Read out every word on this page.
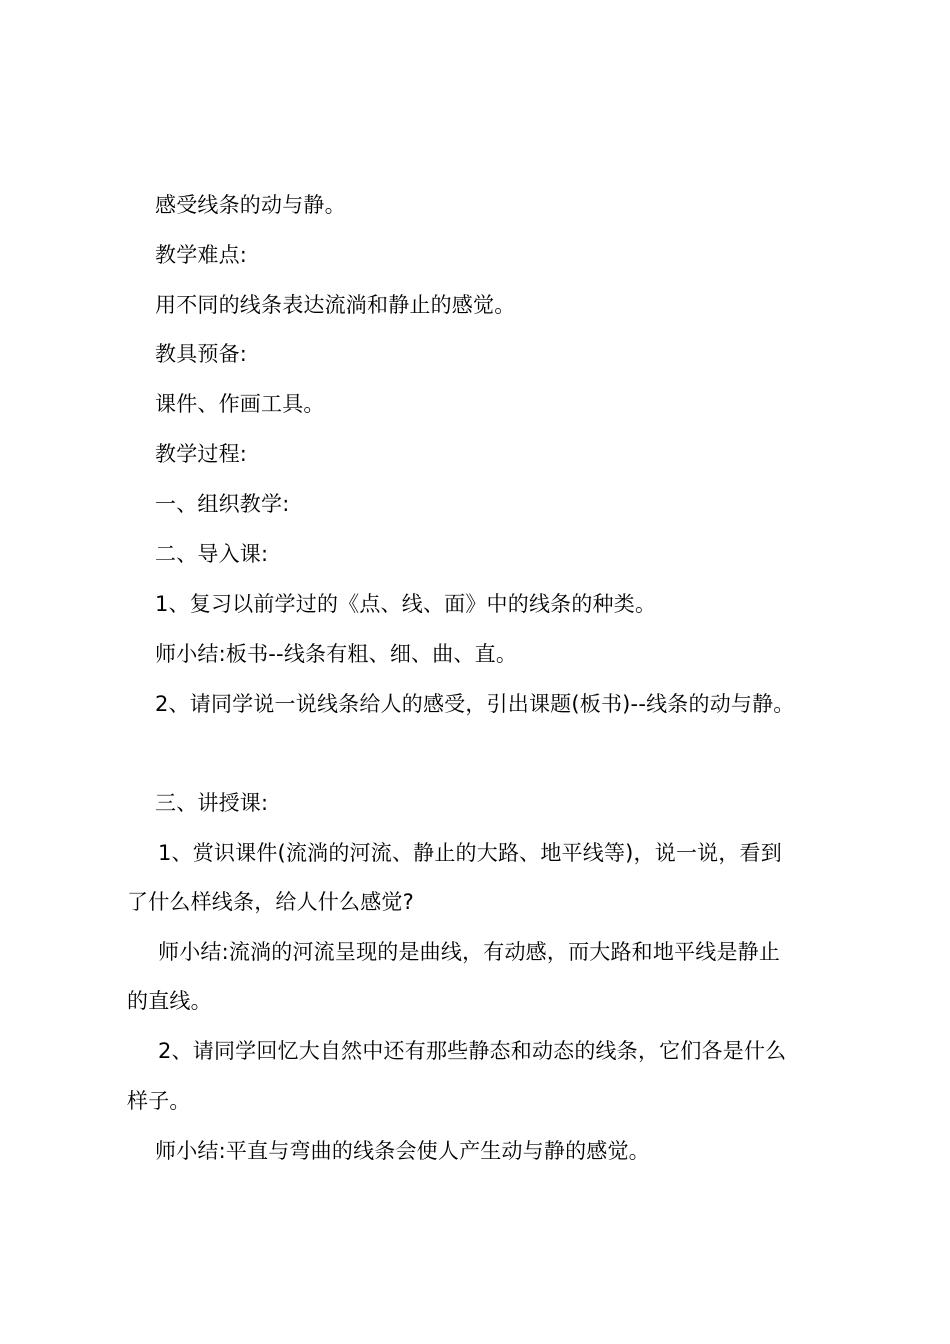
感受线条的动与静。
教学难点:
用不同的线条表达流淌和静止的感觉。
教具预备:
课件、作画工具。
教学过程:
一、组织教学:
二、导入课:
1、复习以前学过的《点、线、面》中的线条的种类。
师小结:板书--线条有粗、细、曲、直。
2、请同学说一说线条给人的感受，引出课题(板书)--线条的动与静。
三、讲授课:
1、赏识课件(流淌的河流、静止的大路、地平线等)，说一说，看到
了什么样线条，给人什么感觉?
师小结:流淌的河流呈现的是曲线，有动感，而大路和地平线是静止
的直线。
2、请同学回忆大自然中还有那些静态和动态的线条，它们各是什么
样子。
师小结:平直与弯曲的线条会使人产生动与静的感觉。
